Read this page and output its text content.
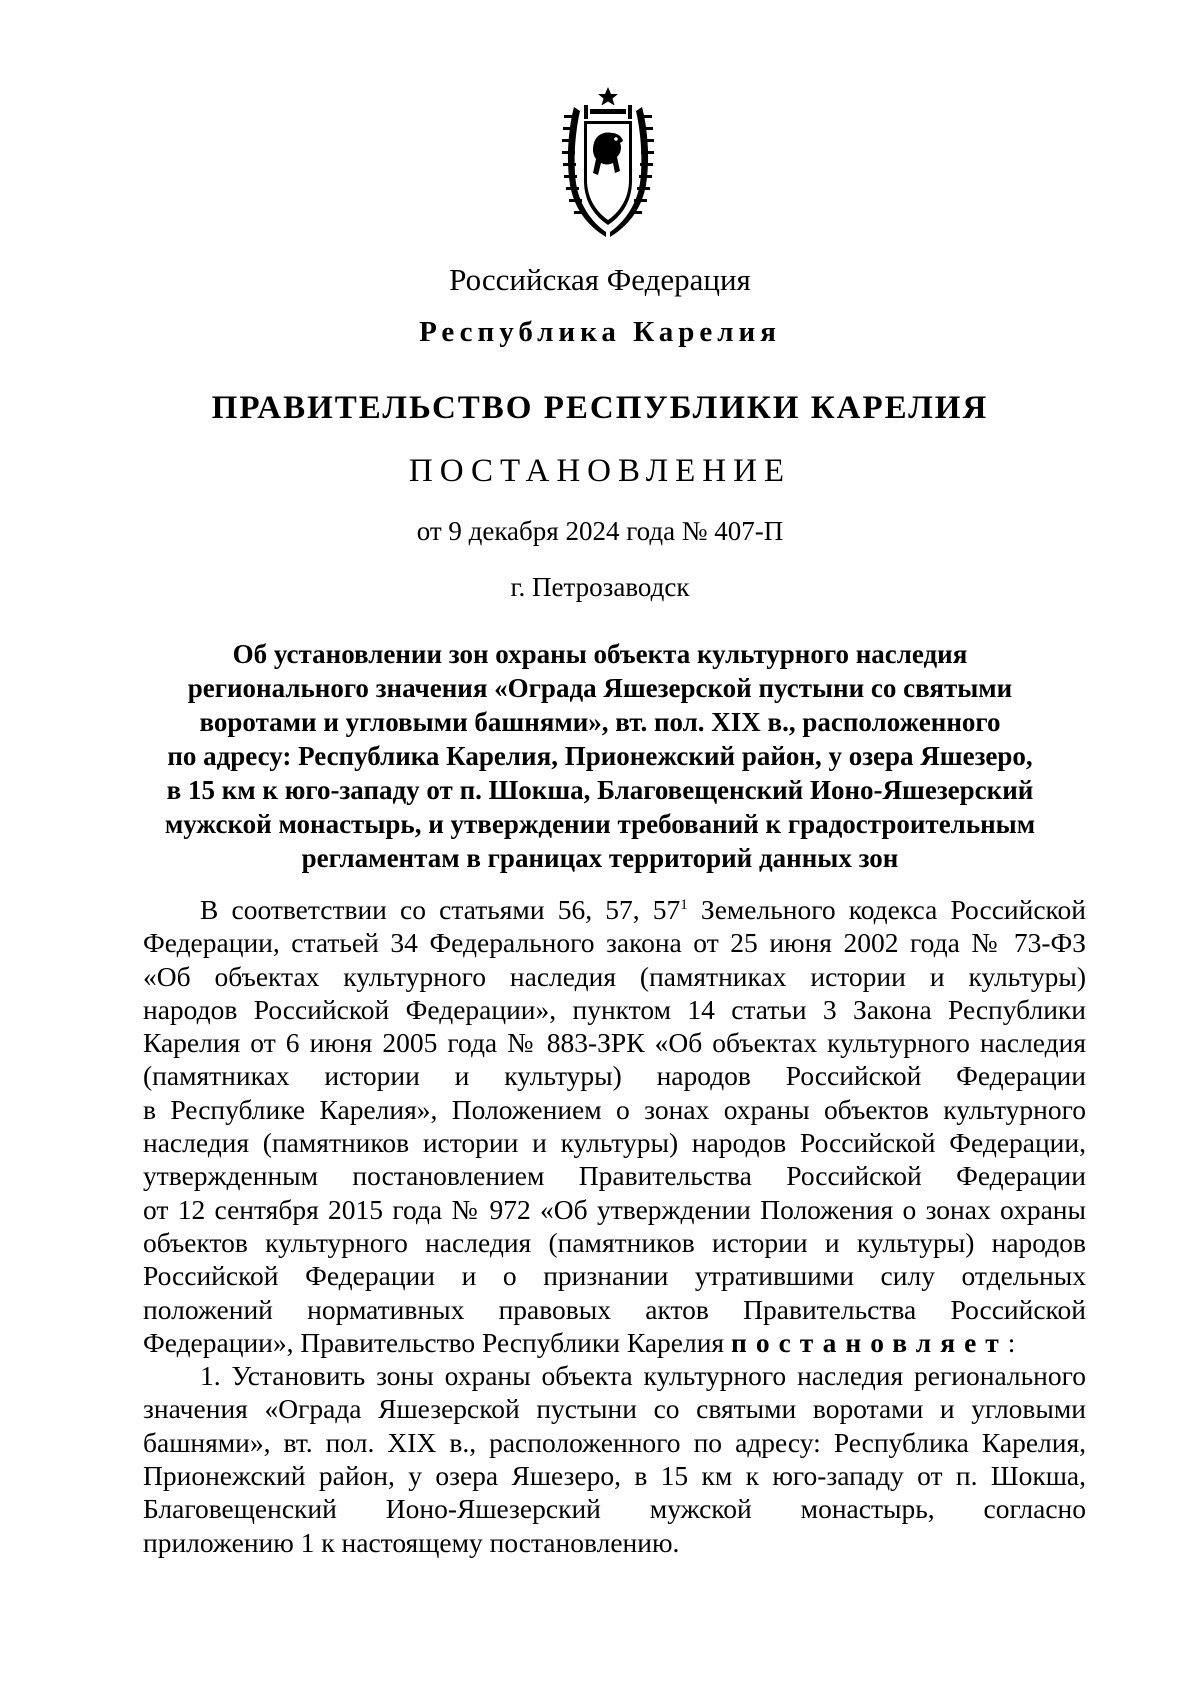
Российская Федерация
Республика Карелия
ПРАВИТЕЛЬСТВО РЕСПУБЛИКИ КАРЕЛИЯ
ПОСТАНОВЛЕНИЕ
от 9 декабря 2024 года № 407-П
г. Петрозаводск
Об установлении зон охраны объекта культурного наследия
регионального значения «Ограда Яшезерской пустыни со святыми
воротами и угловыми башнями», вт. пол. XIX в., расположенного
по адресу: Республика Карелия, Прионежский район, у озера Яшезеро,
в 15 км к юго-западу от п. Шокша, Благовещенский Ионо-Яшезерский
мужской монастырь, и утверждении требований к градостроительным
регламентам в границах территорий данных зон
В соответствии со статьями 56, 57, 57$^1$ Земельного кодекса Российской
Федерации, статьей 34 Федерального закона от 25 июня 2002 года № 73-ФЗ
«Об объектах культурного наследия (памятниках истории и культуры)
народов Российской Федерации», пунктом 14 статьи 3 Закона Республики
Карелия от 6 июня 2005 года № 883-ЗРК «Об объектах культурного наследия
(памятниках истории и культуры) народов Российской Федерации
в Республике Карелия», Положением о зонах охраны объектов культурного
наследия (памятников истории и культуры) народов Российской Федерации,
утвержденным постановлением Правительства Российской Федерации
от 12 сентября 2015 года № 972 «Об утверждении Положения о зонах охраны
объектов культурного наследия (памятников истории и культуры) народов
Российской Федерации и о признании утратившими силу отдельных
положений нормативных правовых актов Правительства Российской
Федерации», Правительство Республики Карелия постановляет:
1. Установить зоны охраны объекта культурного наследия регионального
значения «Ограда Яшезерской пустыни со святыми воротами и угловыми
башнями», вт. пол. XIX в., расположенного по адресу: Республика Карелия,
Прионежский район, у озера Яшезеро, в 15 км к юго-западу от п. Шокша,
Благовещенский Ионо-Яшезерский мужской монастырь, согласно
приложению 1 к настоящему постановлению.
